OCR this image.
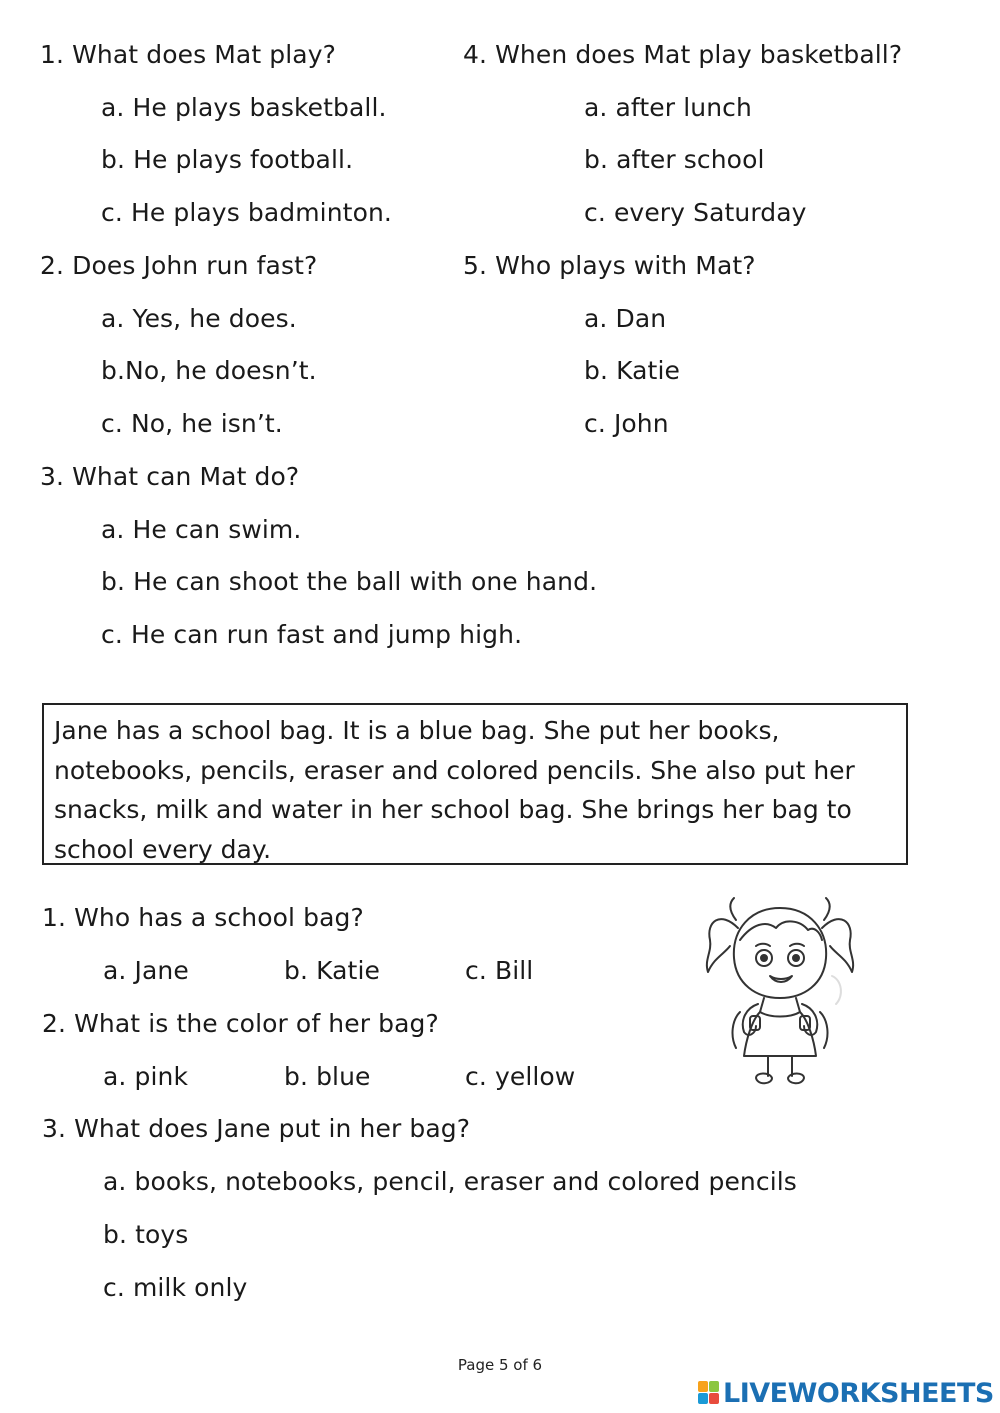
1. What does Mat play?
a. He plays basketball.
b. He plays football.
c. He plays badminton.
2. Does John run fast?
a. Yes, he does.
b.No, he doesn’t.
c. No, he isn’t.
3. What can Mat do?
a. He can swim.
b. He can shoot the ball with one hand.
c. He can run fast and jump high.
4. When does Mat play basketball?
a. after lunch
b. after school
c. every Saturday
5. Who plays with Mat?
a. Dan
b. Katie
c. John

Jane has a school bag. It is a blue bag. She put her books,

notebooks, pencils, eraser and colored pencils. She also put her

snacks, milk and water in her school bag. She brings her bag to

school every day.

1. Who has a school bag?
a. Jane	b. Katie	c. Bill
2. What is the color of her bag?
a. pink	b. blue	c. yellow
3. What does Jane put in her bag?
a. books, notebooks, pencil, eraser and colored pencils
b. toys
c. milk only
Page 5 of 6
LIVEWORKSHEETS
